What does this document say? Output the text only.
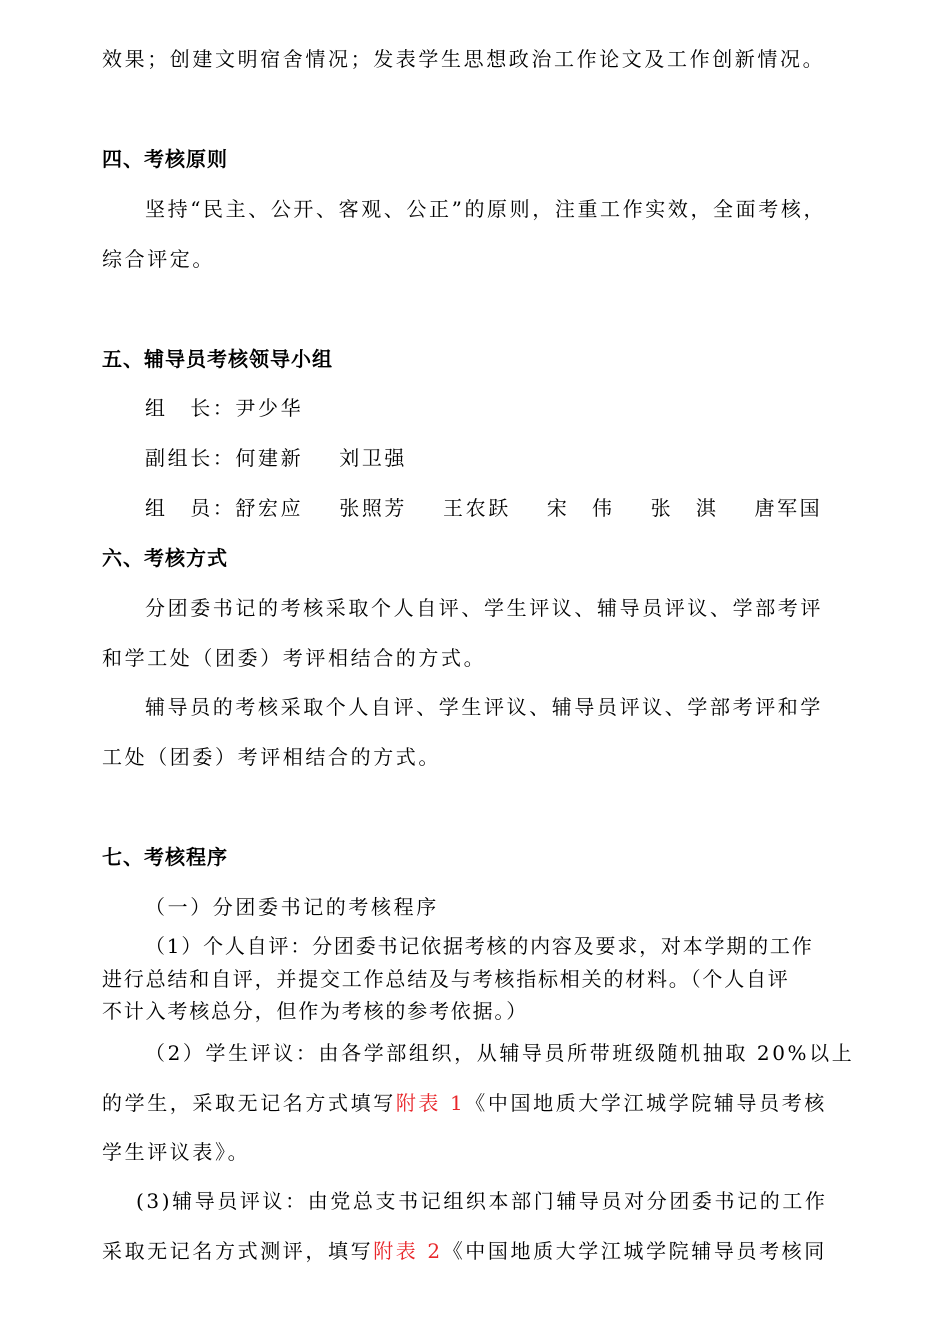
效果；创建文明宿舍情况；发表学生思想政治工作论文及工作创新情况。
四、考核原则
坚持“民主、公开、客观、公正”的原则，注重工作实效，全面考核，
综合评定。
五、辅导员考核领导小组
组　长：尹少华
副组长：何建新 刘卫强
组　员：舒宏应 张照芳 王农跃 宋　伟 张　淇 唐军国
六、考核方式
分团委书记的考核采取个人自评、学生评议、辅导员评议、学部考评
和学工处（团委）考评相结合的方式。
辅导员的考核采取个人自评、学生评议、辅导员评议、学部考评和学
工处（团委）考评相结合的方式。
七、考核程序
（一）分团委书记的考核程序
（1）个人自评：分团委书记依据考核的内容及要求，对本学期的工作
进行总结和自评，并提交工作总结及与考核指标相关的材料。（个人自评
不计入考核总分，但作为考核的参考依据。）
（2）学生评议：由各学部组织，从辅导员所带班级随机抽取 20%以上
的学生，采取无记名方式填写附表 1《中国地质大学江城学院辅导员考核
学生评议表》。
(3)辅导员评议：由党总支书记组织本部门辅导员对分团委书记的工作
采取无记名方式测评，填写附表 2《中国地质大学江城学院辅导员考核同
